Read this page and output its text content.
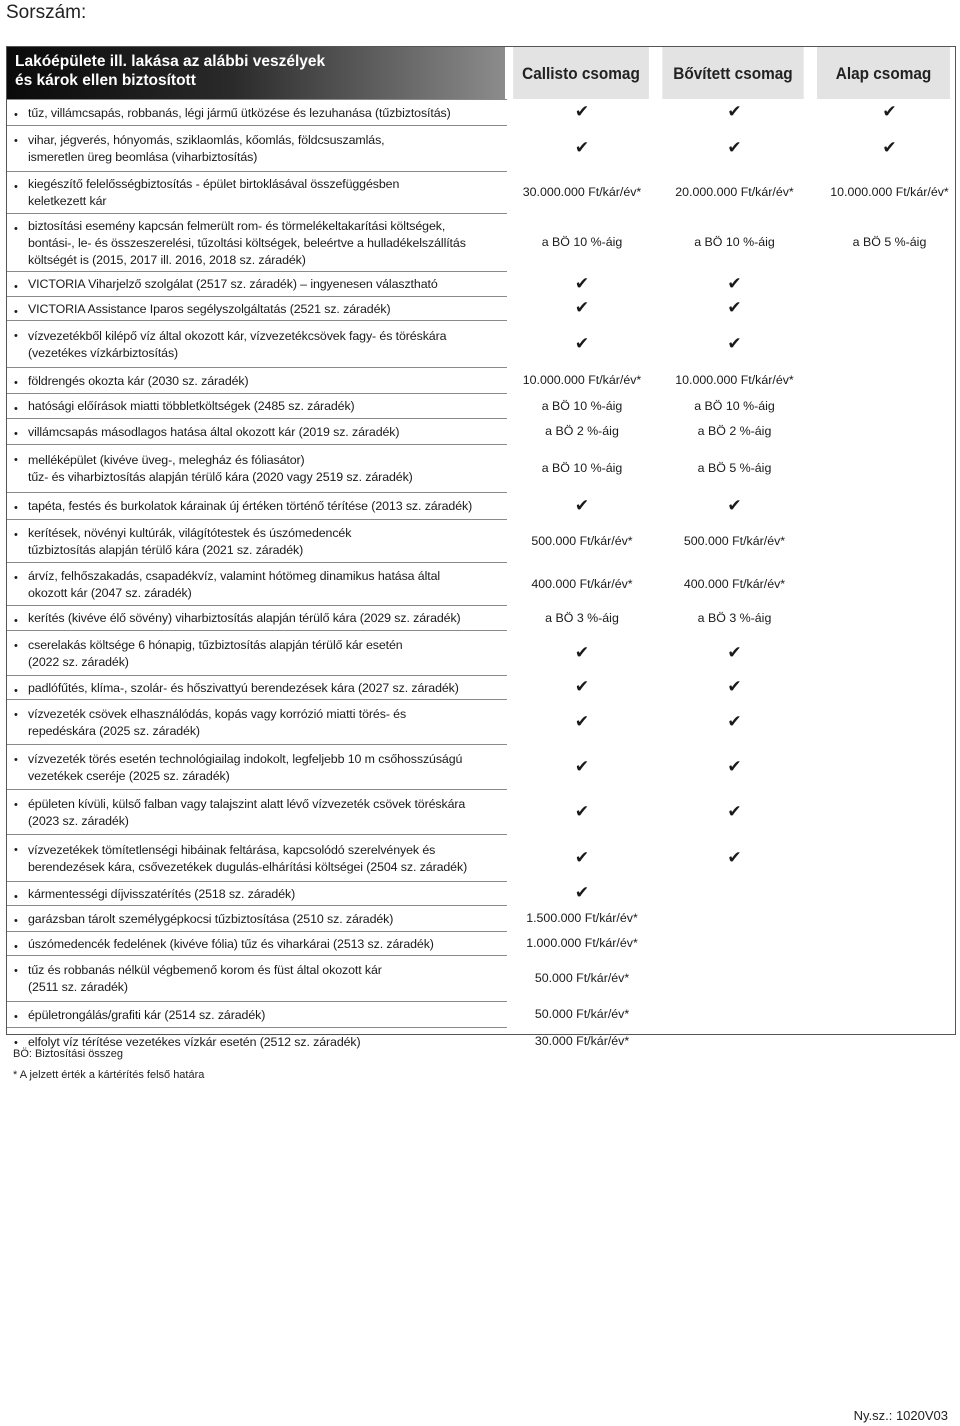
Sorszám:
Lakóépülete ill. lakása az alábbi veszélyek
és károk ellen biztosított	Callisto csomag	Bővített csomag	Alap csomag
• tűz, villámcsapás, robbanás, légi jármű ütközése és lezuhanása (tűzbiztosítás)	✔	✔	✔
• vihar, jégverés, hónyomás, sziklaomlás, kőomlás, földcsuszamlás,
ismeretlen üreg beomlása (viharbiztosítás)	✔	✔	✔
• kiegészítő felelősségbiztosítás - épület birtoklásával összefüggésben
keletkezett kár
30.000.000 Ft/kár/év*	20.000.000 Ft/kár/év*	10.000.000 Ft/kár/év*
• biztosítási esemény kapcsán felmerült rom- és törmelékeltakarítási költségek,
bontási-, le- és összeszerelési, tűzoltási költségek, beleértve a hulladékelszállítás
költségét is (2015, 2017 ill. 2016, 2018 sz. záradék)
a BÖ 10 %-áig	a BÖ 10 %-áig	a BÖ 5 %-áig
• VICTORIA Viharjelző szolgálat (2517 sz. záradék) – ingyenesen választható	✔	✔
• VICTORIA Assistance Iparos segélyszolgáltatás (2521 sz. záradék)	✔	✔
• vízvezetékből kilépő víz által okozott kár, vízvezetékcsövek fagy- és töréskára
(vezetékes vízkárbiztosítás)
✔	✔
• földrengés okozta kár (2030 sz. záradék)	10.000.000 Ft/kár/év*	10.000.000 Ft/kár/év*
• hatósági előírások miatti többletköltségek (2485 sz. záradék)	a BÖ 10 %-áig	a BÖ 10 %-áig
• villámcsapás másodlagos hatása által okozott kár (2019 sz. záradék)	a BÖ 2 %-áig	a BÖ 2 %-áig
• melléképület (kivéve üveg-, melegház és fóliasátor)
tűz- és viharbiztosítás alapján térülő kára (2020 vagy 2519 sz. záradék)
a BÖ 10 %-áig	a BÖ 5 %-áig
• tapéta, festés és burkolatok kárainak új értéken történő térítése (2013 sz. záradék)	✔	✔
• kerítések, növényi kultúrák, világítótestek és úszómedencék
tűzbiztosítás alapján térülő kára (2021 sz. záradék)
500.000 Ft/kár/év*	500.000 Ft/kár/év*
• árvíz, felhőszakadás, csapadékvíz, valamint hótömeg dinamikus hatása által
okozott kár (2047 sz. záradék)
400.000 Ft/kár/év*	400.000 Ft/kár/év*
• kerítés (kivéve élő sövény) viharbiztosítás alapján térülő kára (2029 sz. záradék)	a BÖ 3 %-áig	a BÖ 3 %-áig
• cserelakás költsége 6 hónapig, tűzbiztosítás alapján térülő kár esetén
(2022 sz. záradék)
✔	✔
• padlófűtés, klíma-, szolár- és hőszivattyú berendezések kára (2027 sz. záradék)	✔	✔
• vízvezeték csövek elhasználódás, kopás vagy korrózió miatti törés- és
repedéskára (2025 sz. záradék)
✔	✔
• vízvezeték törés esetén technológiailag indokolt, legfeljebb 10 m csőhosszúságú
vezetékek cseréje (2025 sz. záradék)
✔	✔
• épületen kívüli, külső falban vagy talajszint alatt lévő vízvezeték csövek töréskára
(2023 sz. záradék)
✔	✔
• vízvezetékek tömítetlenségi hibáinak feltárása, kapcsolódó szerelvények és
berendezések kára, csővezetékek dugulás-elhárítási költségei (2504 sz. záradék)
✔	✔
• kármentességi díjvisszatérítés (2518 sz. záradék)	✔
• garázsban tárolt személygépkocsi tűzbiztosítása (2510 sz. záradék)	1.500.000 Ft/kár/év*
• úszómedencék fedelének (kivéve fólia) tűz és viharkárai (2513 sz. záradék)	1.000.000 Ft/kár/év*
• tűz és robbanás nélkül végbemenő korom és füst által okozott kár
(2511 sz. záradék)
50.000 Ft/kár/év*
• épületrongálás/grafiti kár (2514 sz. záradék)	50.000 Ft/kár/év*
• elfolyt víz térítése vezetékes vízkár esetén (2512 sz. záradék)	30.000 Ft/kár/év*
BÖ: Biztosítási összeg
* A jelzett érték a kártérítés felső határa
Ny.sz.: 1020V03
